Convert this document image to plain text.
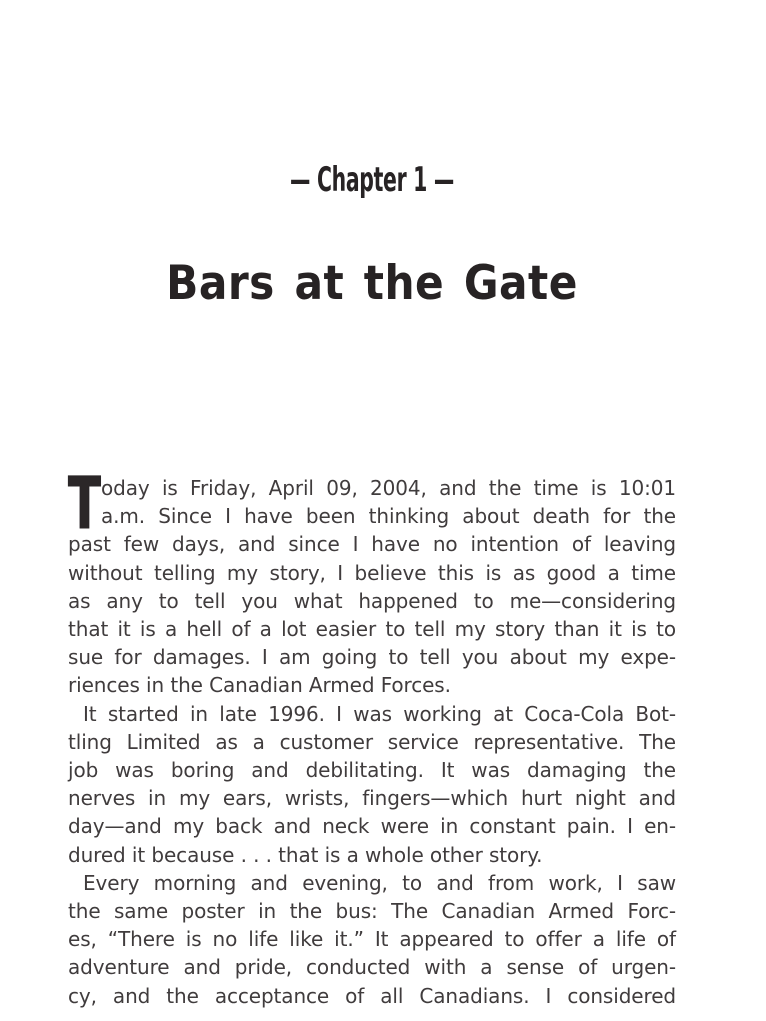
— Chapter 1 —
Bars at the Gate
T oday is Friday, April 09, 2004, and the time is 10:01
a.m. Since I have been thinking about death for the
past few days, and since I have no intention of leaving
without telling my story, I believe this is as good a time
as any to tell you what happened to me—considering
that it is a hell of a lot easier to tell my story than it is to
sue for damages. I am going to tell you about my expe-
riences in the Canadian Armed Forces.
It started in late 1996. I was working at Coca-Cola Bot-
tling Limited as a customer service representative. The
job was boring and debilitating. It was damaging the
nerves in my ears, wrists, fingers—which hurt night and
day—and my back and neck were in constant pain. I en-
dured it because . . . that is a whole other story.
Every morning and evening, to and from work, I saw
the same poster in the bus: The Canadian Armed Forc-
es, “There is no life like it.” It appeared to offer a life of
adventure and pride, conducted with a sense of urgen-
cy, and the acceptance of all Canadians. I considered
